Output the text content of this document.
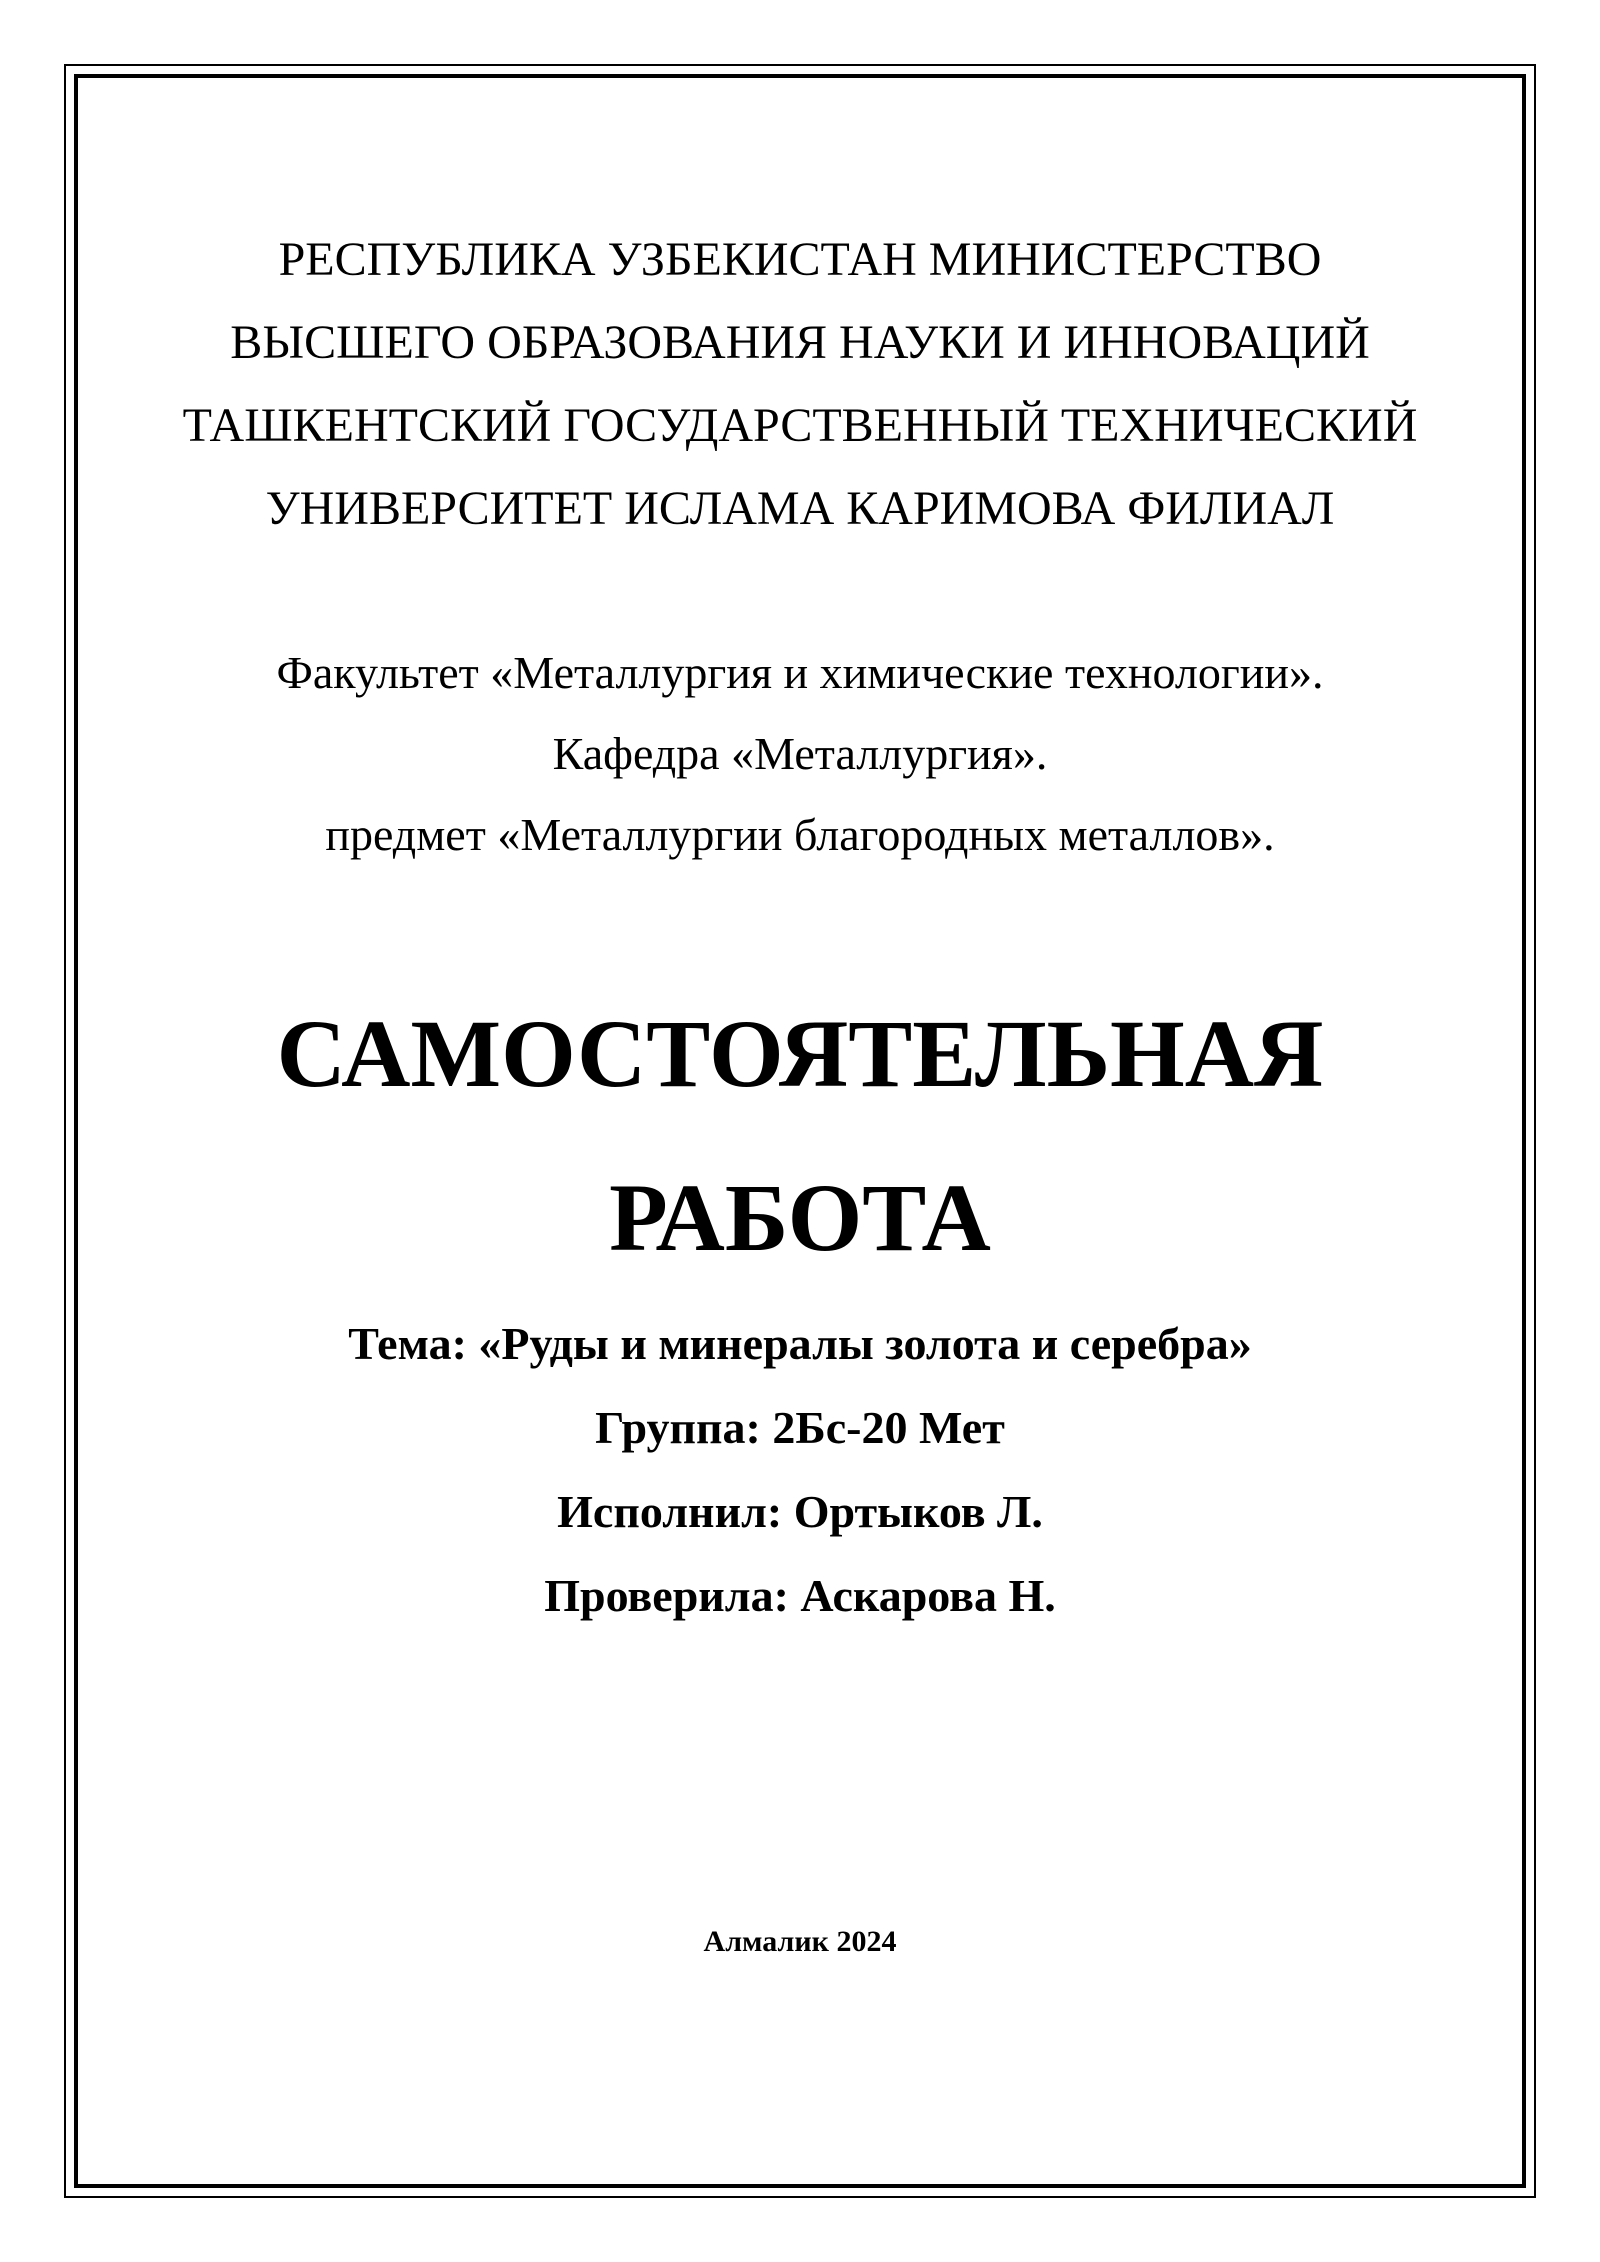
РЕСПУБЛИКА УЗБЕКИСТАН МИНИСТЕРСТВО
ВЫСШЕГО ОБРАЗОВАНИЯ НАУКИ И ИННОВАЦИЙ
ТАШКЕНТСКИЙ ГОСУДАРСТВЕННЫЙ ТЕХНИЧЕСКИЙ
УНИВЕРСИТЕТ ИСЛАМА КАРИМОВА ФИЛИАЛ
Факультет «Металлургия и химические технологии».
Кафедра «Металлургия».
предмет «Металлургии благородных металлов».
САМОСТОЯТЕЛЬНАЯ
РАБОТА
Тема: «Руды и минералы золота и серебра»
Группа: 2Бс-20 Мет
Исполнил: Ортыков Л.
Проверила: Аскарова Н.
Алмалик 2024
